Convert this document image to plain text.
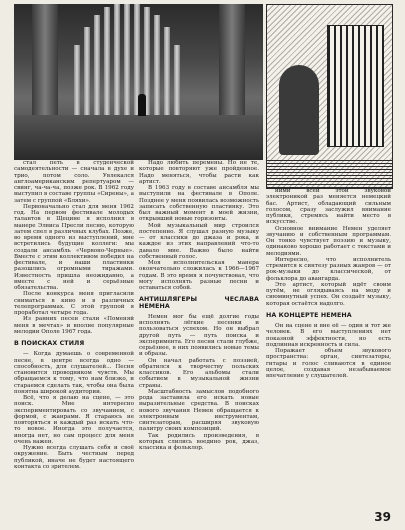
стал петь в студенческой самодеятельности — сначала в духе и трио, потом соло. Увлекался англоамериканским репертуаром — свинг, ча-ча-ча, позже рок. В 1962 году выступил в составе группы «Сирены», а затем с группой «Бляхи».

Первоначально стал для меня 1962 год. На первом фестивале молодых талантов в Щецине я исполнил в манере Элвиса Пресли песню, которую затем спел в различных клубах. Позже, во время одного из выступлений, мне встретились будущие коллеги: мы создали ансамбль «Червоно-Черные». Вместе с этим коллективом победил на фестивале, и наши пластинки разошлись огромными тиражами. Известность пришла неожиданно, а вместе с ней и серьёзные обязательства.

После конкурса меня пригласили сниматься в кино и в различных телепрограммах. С этой группой я проработал четыре года.

Из ранних песен стали «Поменяй меня в мечтах» и вполне популярные мелодии Ополе 1967 года.

В ПОИСКАХ СТИЛЯ

— Когда думаешь о современной песне, в центре всегда одно — способность, для слушателей... Песня становится проводником чувств. Мы обращаемся к тому, что нам близко, и стараемся сделать так, чтобы она была понятна широкой аудитории.

Всё, что я делаю на сцене, — это поиск. Мне интересно экспериментировать со звучанием, с формой, с жанрами. Я стараюсь не повторяться и каждый раз искать что-то новое. Иногда это получается, иногда нет, но сам процесс для меня очень важен.

Нужно всегда слушать себя и своё окружение. Быть честным перед публикой, иначе не будет настоящего контакта со зрителем.

Надо любить перемены. Но не те, которые повторяют уже пройденное. Надо меняться, чтобы расти как артист.

В 1963 году в составе ансамбля мы выступили на фестивале в Ополе. Позднее у меня появилась возможность записать собственную пластинку. Это был важный момент в моей жизни, открывший новые горизонты.

Мой музыкальный мир строился постепенно. Я слушал разную музыку — от классики до джаза и рока, и каждое из этих направлений что-то давало мне. Важно было найти собственный голос.

Моя исполнительская манера окончательно сложилась к 1966—1967 годам. В это время я почувствовал, что могу исполнять разные песни и оставаться собой.

АНТИШЛЯГЕРЫ ЧЕСЛАВА НЕМЕНА

Немен мог бы ещё долгие годы исполнять лёгкие песенки и пользоваться успехом. Но он выбрал другой путь — путь поиска и эксперимента. Его песни стали глубже, серьёзнее, в них появились новые темы и образы.

Он начал работать с поэзией, обратился к творчеству польских классиков. Его альбомы стали событием в музыкальной жизни страны.

Масштабность замыслов подобного рода заставила его искать новые выразительные средства. В поисках нового звучания Немен обращается к электронным инструментам, синтезаторам, расширяя звуковую палитру своих композиций.

Так родились произведения, в которых слились воедино рок, джаз, классика и фольклор.

ними всей этой звуковой электроникой раз меняется немецкий бас. Артист, обладающий сильным голосом, сразу заслужил внимание публики, стремясь найти место в искусстве.

Основное внимание Немен уделяет звучанию и собственным программам. Он тонко чувствует поэзию и музыку, одинаково хорошо работает с текстами и мелодиями.

Интересно, что исполнитель стремится к синтезу разных жанров — от рок-музыки до классической, от фольклора до авангарда.

Это артист, который идёт своим путём, не оглядываясь на моду и сиюминутный успех. Он создаёт музыку, которая остаётся надолго.

НА КОНЦЕРТЕ НЕМЕНА

Он на сцене и вне её — один и тот же человек. В его выступлениях нет показной эффектности, но есть подлинная искренность и сила.

Поражает объем звукового пространства: орган, синтезаторы, гитары и голос сливаются в единое целое, создавая незабываемое впечатление у слушателей.

39
